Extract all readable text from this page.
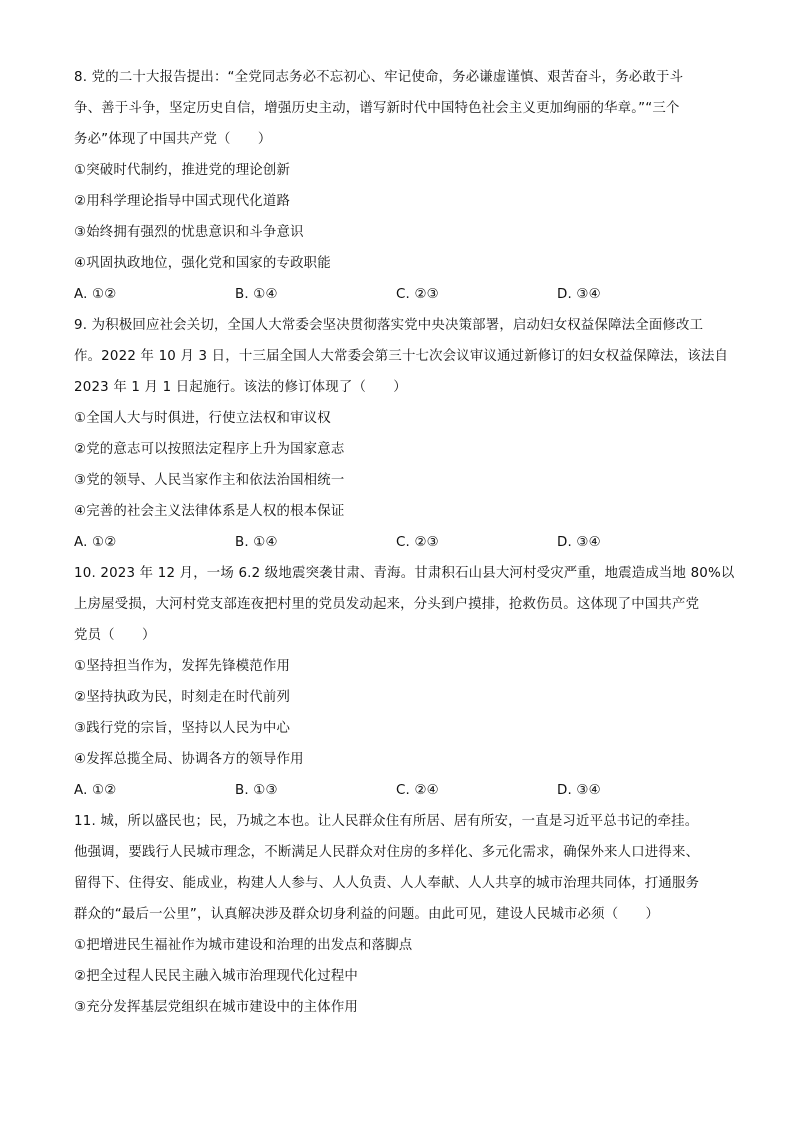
8. 党的二十大报告提出：“全党同志务必不忘初心、牢记使命，务必谦虚谨慎、艰苦奋斗，务必敢于斗
争、善于斗争，坚定历史自信，增强历史主动，谱写新时代中国特色社会主义更加绚丽的华章。”“三个
务必”体现了中国共产党（　　）
①突破时代制约，推进党的理论创新
②用科学理论指导中国式现代化道路
③始终拥有强烈的忧患意识和斗争意识
④巩固执政地位，强化党和国家的专政职能
A. ①②	B. ①④	C. ②③	D. ③④
9. 为积极回应社会关切，全国人大常委会坚决贯彻落实党中央决策部署，启动妇女权益保障法全面修改工
作。2022 年 10 月 3 日，十三届全国人大常委会第三十七次会议审议通过新修订的妇女权益保障法，该法自
2023 年 1 月 1 日起施行。该法的修订体现了（　　）
①全国人大与时俱进，行使立法权和审议权
②党的意志可以按照法定程序上升为国家意志
③党的领导、人民当家作主和依法治国相统一
④完善的社会主义法律体系是人权的根本保证
A. ①②	B. ①④	C. ②③	D. ③④
10. 2023 年 12 月，一场 6.2 级地震突袭甘肃、青海。甘肃积石山县大河村受灾严重，地震造成当地 80%以
上房屋受损，大河村党支部连夜把村里的党员发动起来，分头到户摸排，抢救伤员。这体现了中国共产党
党员（　　）
①坚持担当作为，发挥先锋模范作用
②坚持执政为民，时刻走在时代前列
③践行党的宗旨，坚持以人民为中心
④发挥总揽全局、协调各方的领导作用
A. ①②	B. ①③	C. ②④	D. ③④
11. 城，所以盛民也；民，乃城之本也。让人民群众住有所居、居有所安，一直是习近平总书记的牵挂。
他强调，要践行人民城市理念，不断满足人民群众对住房的多样化、多元化需求，确保外来人口进得来、
留得下、住得安、能成业，构建人人参与、人人负责、人人奉献、人人共享的城市治理共同体，打通服务
群众的“最后一公里”，认真解决涉及群众切身利益的问题。由此可见，建设人民城市必须（　　）
①把增进民生福祉作为城市建设和治理的出发点和落脚点
②把全过程人民民主融入城市治理现代化过程中
③充分发挥基层党组织在城市建设中的主体作用
